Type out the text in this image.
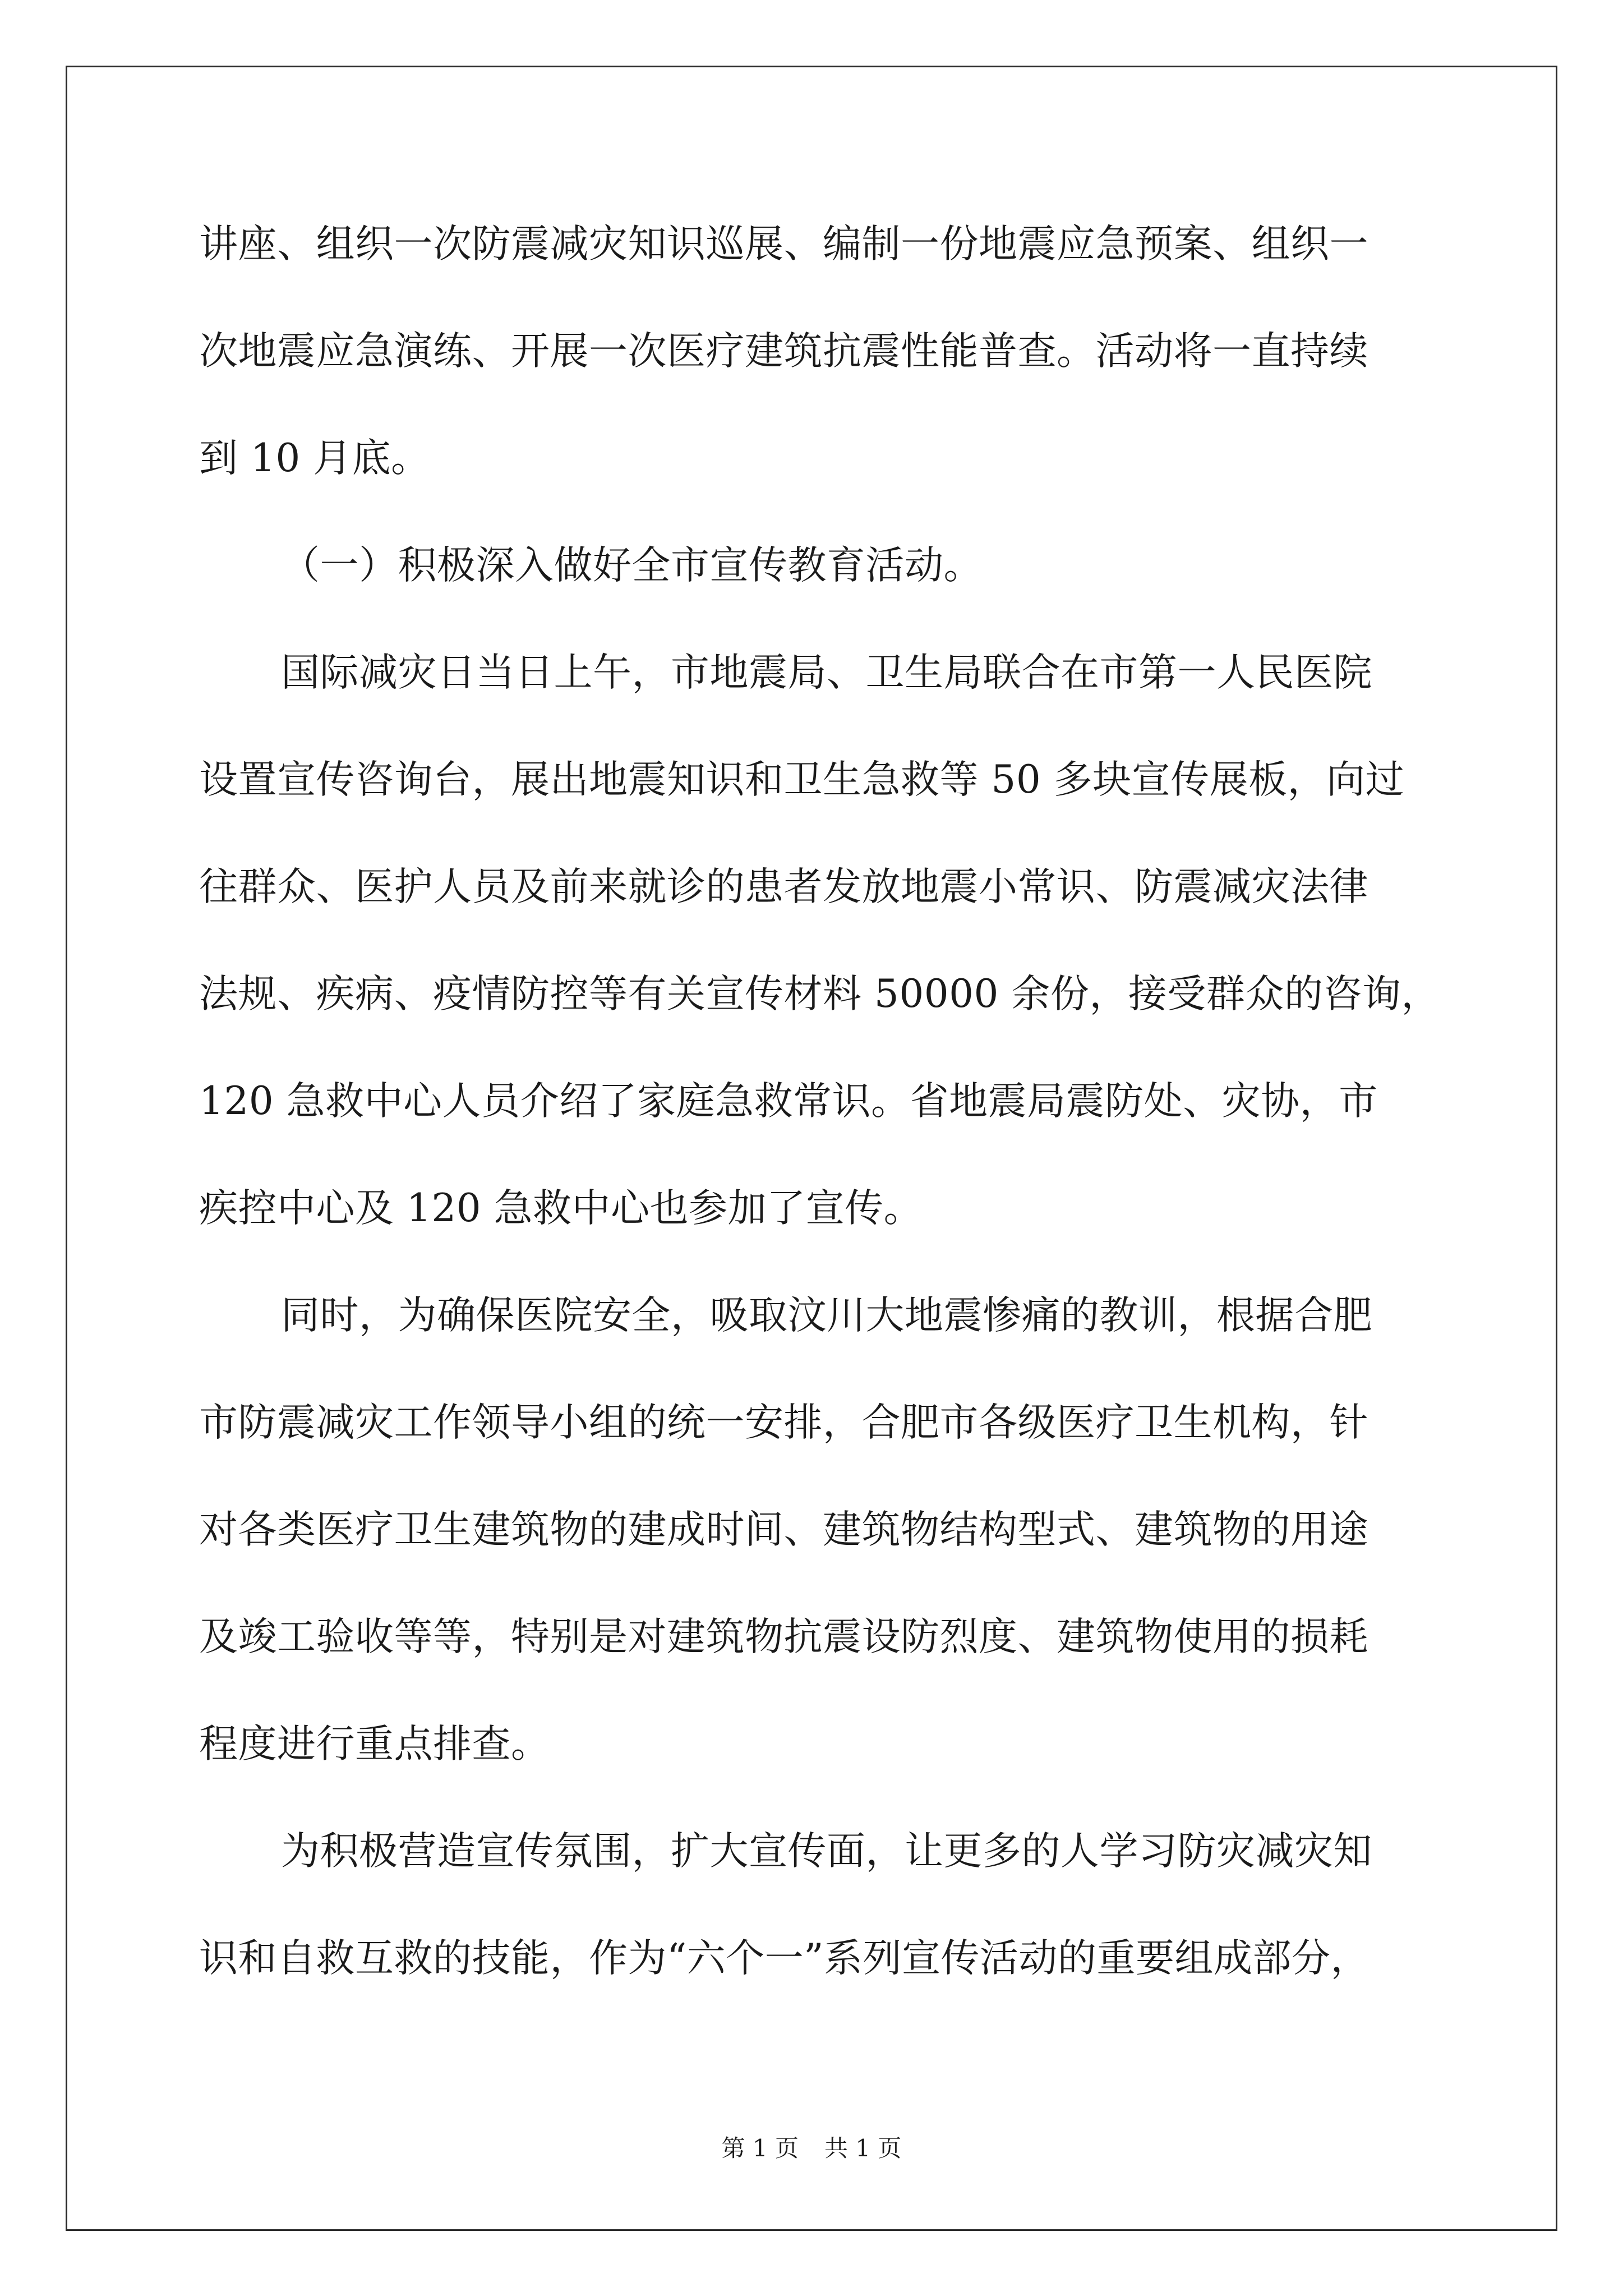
讲座、组织一次防震减灾知识巡展、编制一份地震应急预案、组织一
次地震应急演练、开展一次医疗建筑抗震性能普查。活动将一直持续
到 10 月底。
（一）积极深入做好全市宣传教育活动。
国际减灾日当日上午，市地震局、卫生局联合在市第一人民医院
设置宣传咨询台，展出地震知识和卫生急救等 50 多块宣传展板，向过
往群众、医护人员及前来就诊的患者发放地震小常识、防震减灾法律
法规、疾病、疫情防控等有关宣传材料 50000 余份，接受群众的咨询，
120 急救中心人员介绍了家庭急救常识。省地震局震防处、灾协，市
疾控中心及 120 急救中心也参加了宣传。
同时，为确保医院安全，吸取汶川大地震惨痛的教训，根据合肥
市防震减灾工作领导小组的统一安排，合肥市各级医疗卫生机构，针
对各类医疗卫生建筑物的建成时间、建筑物结构型式、建筑物的用途
及竣工验收等等，特别是对建筑物抗震设防烈度、建筑物使用的损耗
程度进行重点排查。
为积极营造宣传氛围，扩大宣传面，让更多的人学习防灾减灾知
识和自救互救的技能，作为“六个一”系列宣传活动的重要组成部分，
第 1 页 共 1 页
